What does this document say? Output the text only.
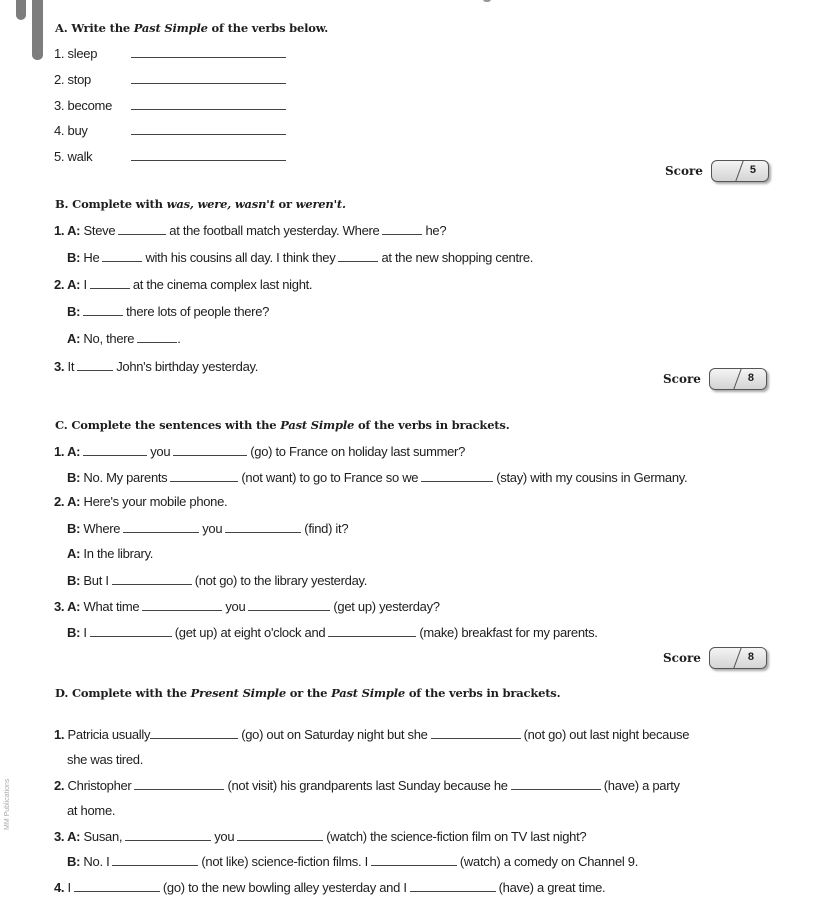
A. Write the Past Simple of the verbs below.
1. sleep
2. stop
3. become
4. buy
5. walk
Score	5
B. Complete with was, were, wasn't or weren't.
1. A: Steve	at the football match yesterday. Where	he?
B: He	with his cousins all day. I think they	at the new shopping centre.
2. A: I	at the cinema complex last night.
B:	there lots of people there?
A: No, there	.
3. It	John's birthday yesterday.
Score	8
C. Complete the sentences with the Past Simple of the verbs in brackets.
1. A:	you	(go) to France on holiday last summer?
B: No. My parents	(not want) to go to France so we	(stay) with my cousins in Germany.
2. A: Here's your mobile phone.
B: Where	you	(find) it?
A: In the library.
B: But I	(not go) to the library yesterday.
3. A: What time	you	(get up) yesterday?
B: I	(get up) at eight o'clock and	(make) breakfast for my parents.
Score	8
D. Complete with the Present Simple or the Past Simple of the verbs in brackets.
1. Patricia usually	(go) out on Saturday night but she	(not go) out last night because
she was tired.
2. Christopher	(not visit) his grandparents last Sunday because he	(have) a party
at home.
3. A: Susan,	you	(watch) the science-fiction film on TV last night?
B: No. I	(not like) science-fiction films. I	(watch) a comedy on Channel 9.
4. I	(go) to the new bowling alley yesterday and I	(have) a great time.
MM Publications
